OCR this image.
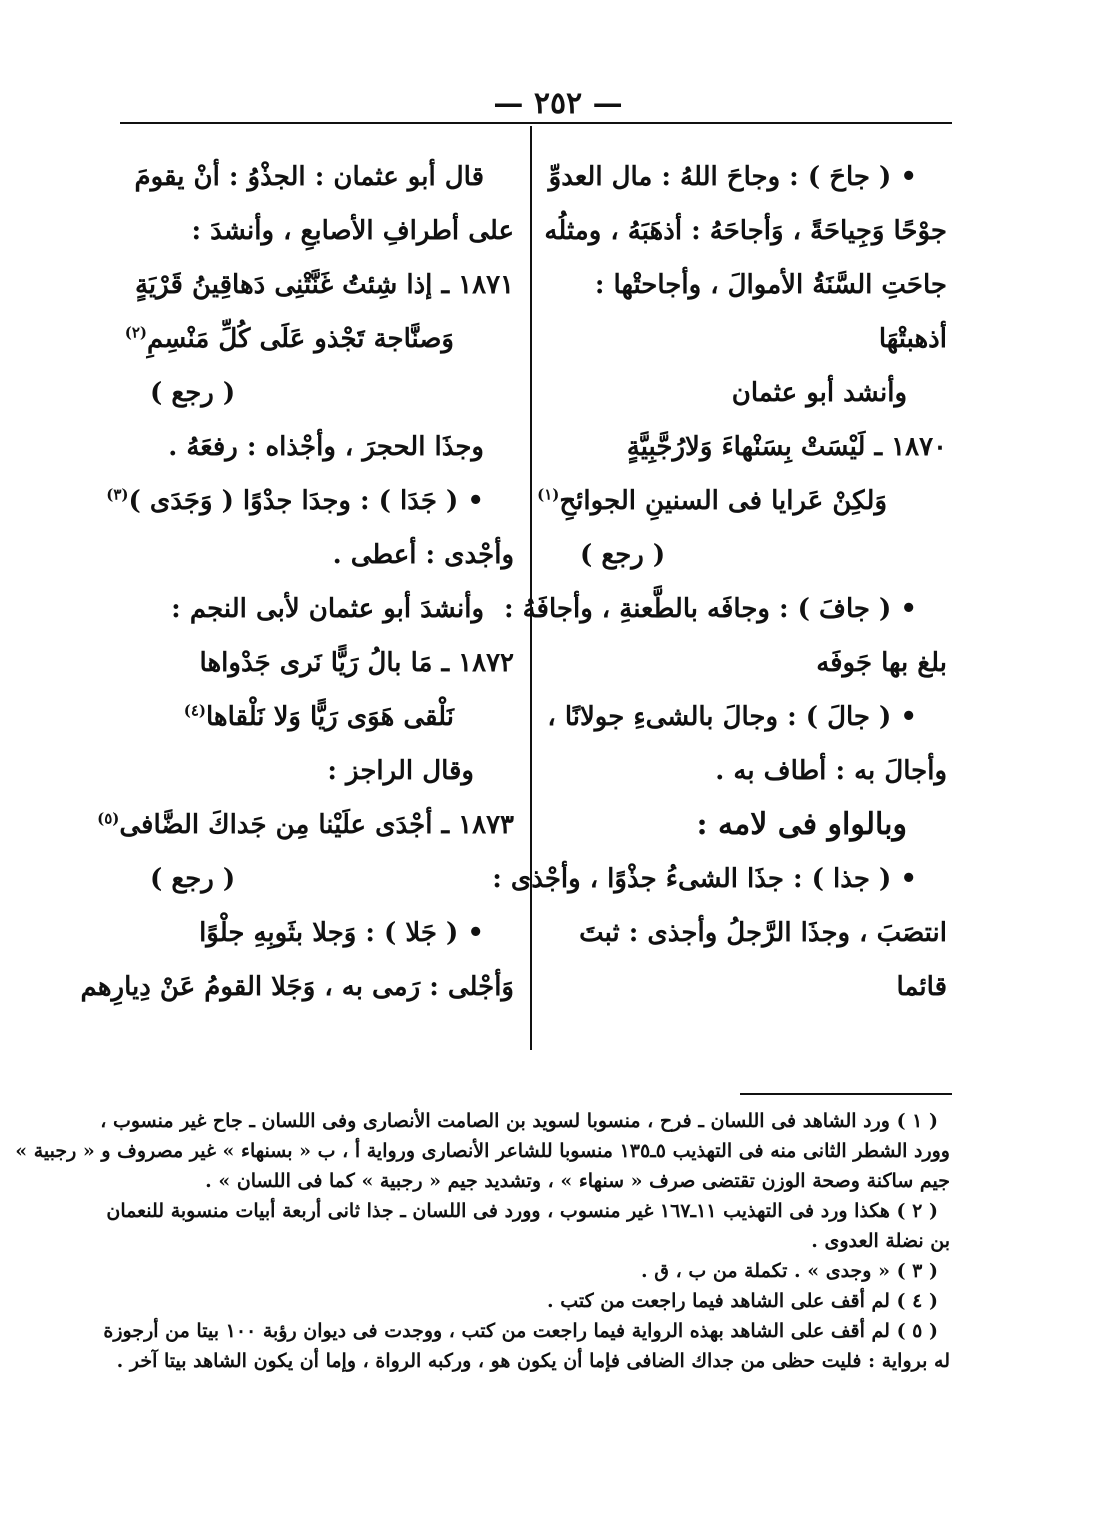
— ٢٥٢ —
• ( جاحَ ) : وجاحَ اللهُ : مال العدوِّ
جوْحًا وَجِياحَةً ، وَأجاحَهُ : أذهَبَهُ ، ومثلُه
جاحَتِ السَّنَةُ الأموالَ ، وأجاحتْها :
أذهبتْهَا
وأنشد أبو عثمان
١٨٧٠ ـ لَيْسَتْ بِسَنْهاءَ وَلارُجَّبِيَّةٍ
وَلكِنْ عَرايا فى السنينِ الجوائحِ$^{(١)}$
( رجع )
• ( جافَ ) : وجافَه بالطَّعنةِ ، وأجافَهُ :
بلغ بها جَوفَه
• ( جالَ ) : وجالَ بالشىءِ جولانًا ،
وأجالَ به : أطاف به .
وبالواو فى لامه :
• ( جذا ) : جذَا الشىءُ جذْوًا ، وأجْذى :
انتصَبَ ، وجذَا الرَّجلُ وأجذى : ثبتَ
قائما
قال أبو عثمان : الجذْوُ : أنْ يقومَ
على أطرافِ الأصابعِ ، وأنشدَ :
١٨٧١ ـ إذا شِئتُ غَنَّتْنِى دَهاقِينُ قَرْيَةٍ
وَصنَّاجة تَجْذو عَلَى كُلِّ مَنْسِمِ$^{(٢)}$
( رجع )
وجذَا الحجرَ ، وأجْذاه : رفعَهُ .
• ( جَدَا ) : وجدَا جدْوًا ( وَجَدَى )$^{(٣)}$
وأجْدى : أعطى .
وأنشدَ أبو عثمان لأبى النجم :
١٨٧٢ ـ مَا بالُ رَيًّا نَرى جَدْواها
نَلْقى هَوَى رَيًّا وَلا نَلْقاها$^{(٤)}$
وقال الراجز :
١٨٧٣ ـ أجْدَى علَيْنا مِن جَداكَ الضَّافى$^{(٥)}$
( رجع )
• ( جَلا ) : وَجلا بثَوبِهِ جلْوًا
وَأجْلى : رَمى به ، وَجَلا القومُ عَنْ دِيارِهم
( ١ ) ورد الشاهد فى اللسان ـ فرح ، منسوبا لسويد بن الصامت الأنصارى وفى اللسان ـ جاح غير منسوب ،
وورد الشطر الثانى منه فى التهذيب ٥ـ١٣٥ منسوبا للشاعر الأنصارى ورواية أ ، ب « بسنهاء » غير مصروف و « رجبية »
جيم ساكنة وصحة الوزن تقتضى صرف « سنهاء » ، وتشديد جيم « رجبية » كما فى اللسان » .
( ٢ ) هكذا ورد فى التهذيب ١١ـ١٦٧ غير منسوب ، وورد فى اللسان ـ جذا ثانى أربعة أبيات منسوبة للنعمان
بن نضلة العدوى .
( ٣ ) « وجدى » . تكملة من ب ، ق .
( ٤ ) لم أقف على الشاهد فيما راجعت من كتب .
( ٥ ) لم أقف على الشاهد بهذه الرواية فيما راجعت من كتب ، ووجدت فى ديوان رؤبة ١٠٠ بيتا من أرجوزة
له برواية : فليت حظى من جداك الضافى فإما أن يكون هو ، وركبه الرواة ، وإما أن يكون الشاهد بيتا آخر .
